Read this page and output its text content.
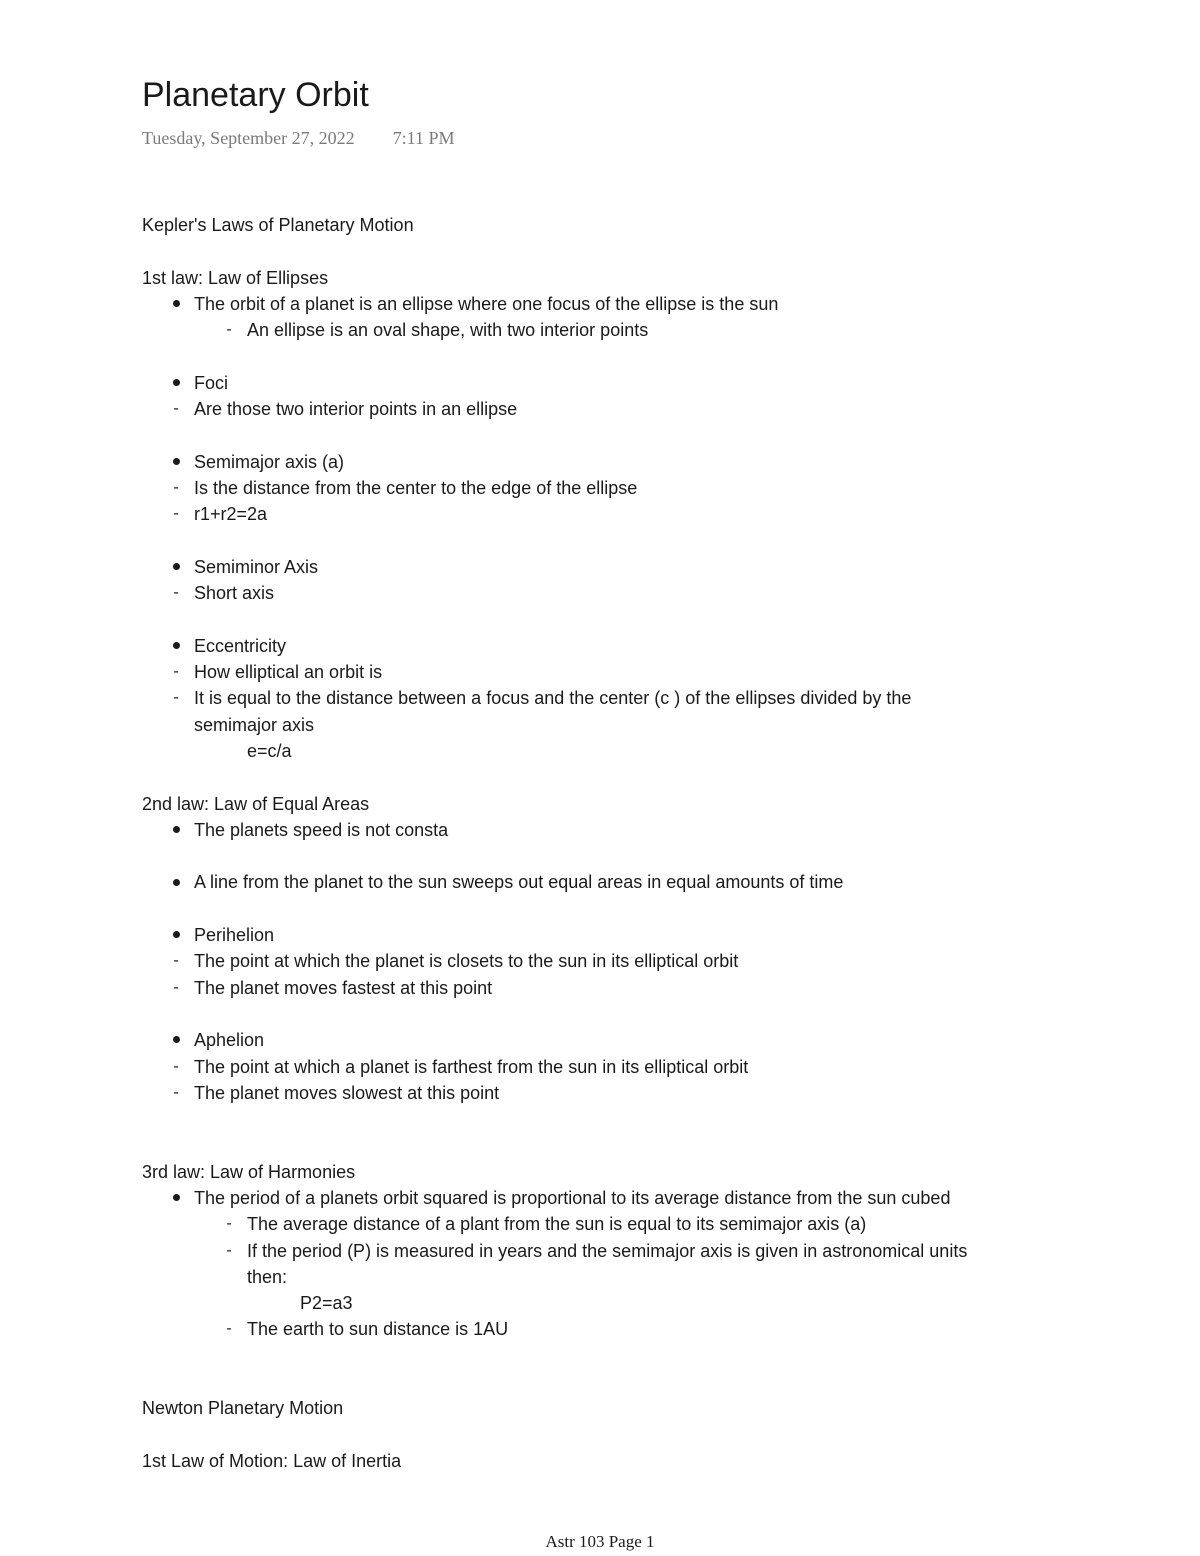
Planetary Orbit
Tuesday, September 27, 2022 7:11 PM
Kepler's Laws of Planetary Motion
1st law: Law of Ellipses
The orbit of a planet is an ellipse where one focus of the ellipse is the sun
- An ellipse is an oval shape, with two interior points
Foci
- Are those two interior points in an ellipse
Semimajor axis (a)
- Is the distance from the center to the edge of the ellipse
- r1+r2=2a
Semiminor Axis
- Short axis
Eccentricity
- How elliptical an orbit is
- It is equal to the distance between a focus and the center (c ) of the ellipses divided by the
semimajor axis
e=c/a
2nd law: Law of Equal Areas
The planets speed is not consta
A line from the planet to the sun sweeps out equal areas in equal amounts of time
Perihelion
- The point at which the planet is closets to the sun in its elliptical orbit
- The planet moves fastest at this point
Aphelion
- The point at which a planet is farthest from the sun in its elliptical orbit
- The planet moves slowest at this point
3rd law: Law of Harmonies
The period of a planets orbit squared is proportional to its average distance from the sun cubed
- The average distance of a plant from the sun is equal to its semimajor axis (a)
- If the period (P) is measured in years and the semimajor axis is given in astronomical units
then:
P2=a3
- The earth to sun distance is 1AU
Newton Planetary Motion
1st Law of Motion: Law of Inertia
Astr 103 Page 1
